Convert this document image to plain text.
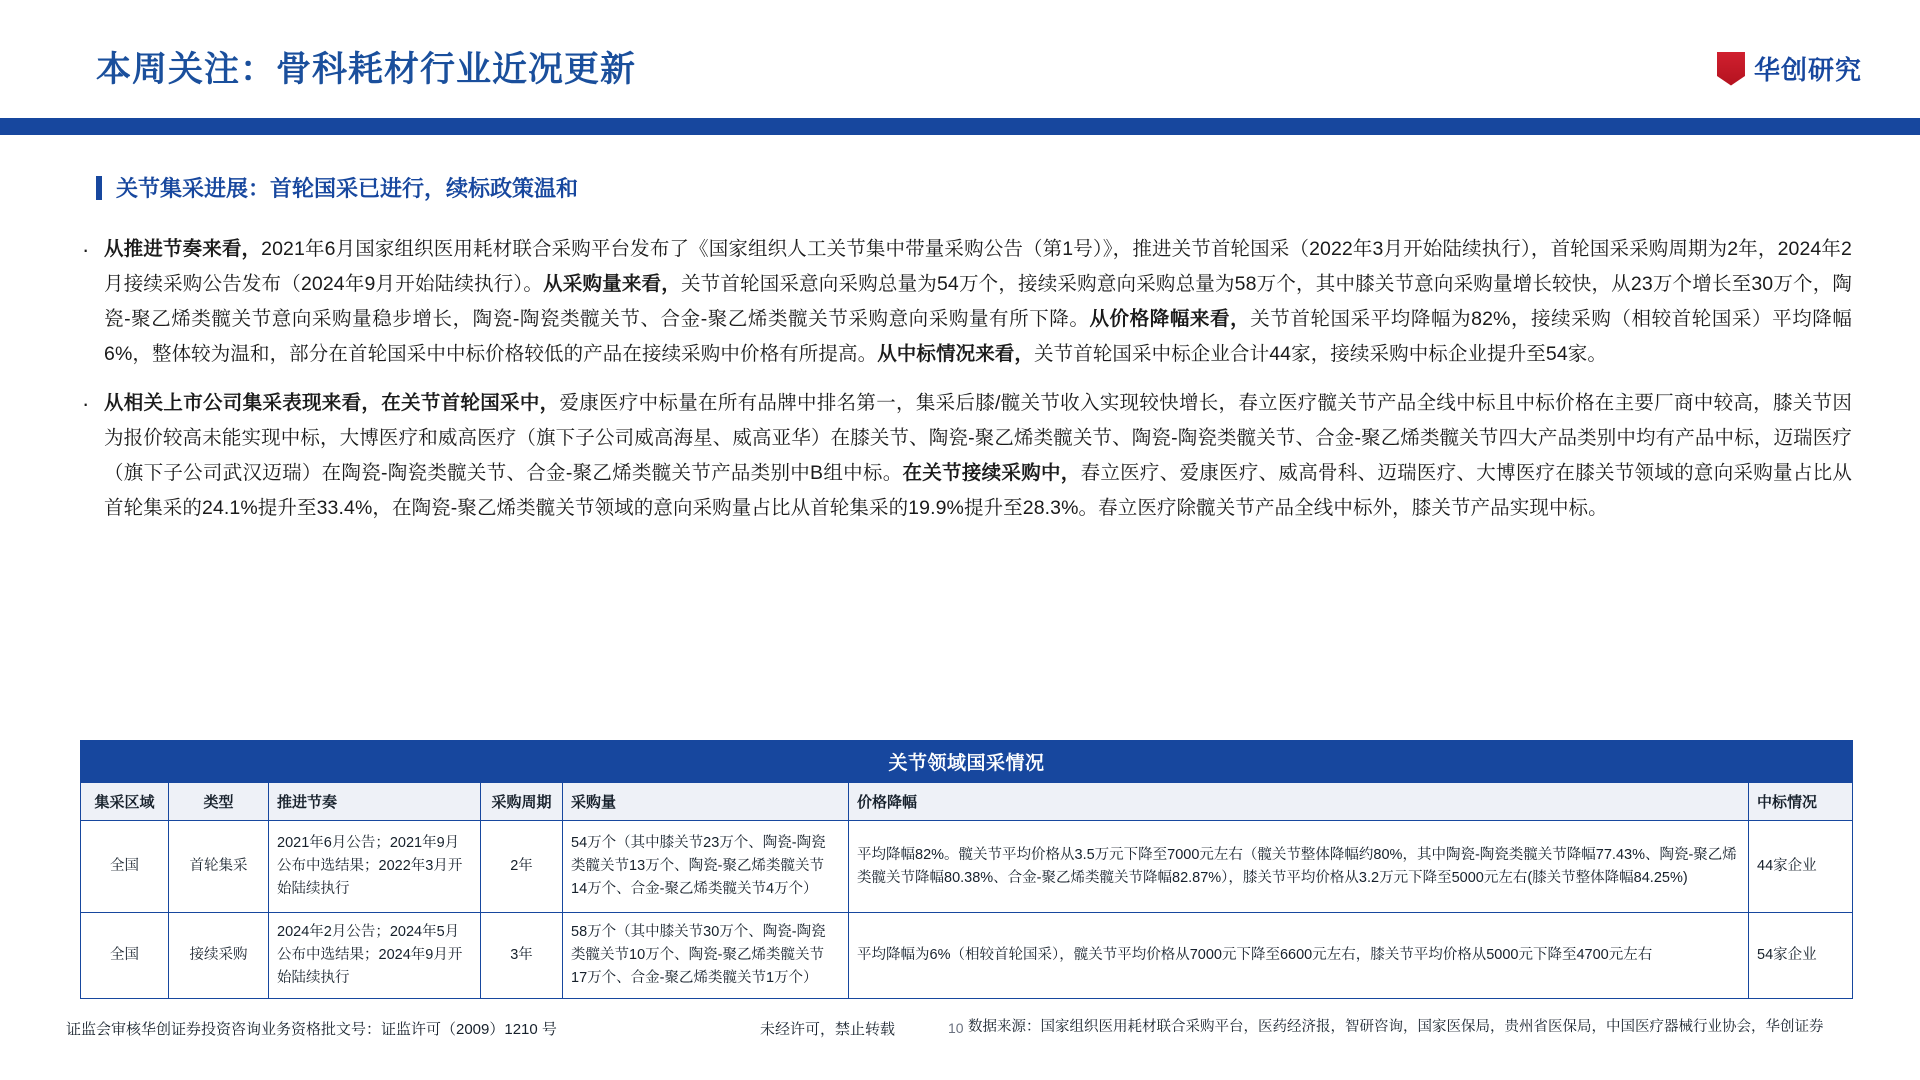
本周关注：骨科耗材行业近况更新	华创研究
关节集采进展：首轮国采已进行，续标政策温和
· 从推进节奏来看，2021年6月国家组织医用耗材联合采购平台发布了《国家组织人工关节集中带量采购公告（第1号）》，推进关节首轮国采（2022年3月开始陆续执行），首轮国采采购周期为2年，2024年2月接续采购公告发布（2024年9月开始陆续执行）。从采购量来看，关节首轮国采意向采购总量为54万个，接续采购意向采购总量为58万个，其中膝关节意向采购量增长较快，从23万个增长至30万个，陶瓷-聚乙烯类髋关节意向采购量稳步增长，陶瓷-陶瓷类髋关节、合金-聚乙烯类髋关节采购意向采购量有所下降。从价格降幅来看，关节首轮国采平均降幅为82%，接续采购（相较首轮国采）平均降幅6%，整体较为温和，部分在首轮国采中中标价格较低的产品在接续采购中价格有所提高。从中标情况来看，关节首轮国采中标企业合计44家，接续采购中标企业提升至54家。
· 从相关上市公司集采表现来看，在关节首轮国采中，爱康医疗中标量在所有品牌中排名第一，集采后膝/髋关节收入实现较快增长，春立医疗髋关节产品全线中标且中标价格在主要厂商中较高，膝关节因为报价较高未能实现中标，大博医疗和威高医疗（旗下子公司威高海星、威高亚华）在膝关节、陶瓷-聚乙烯类髋关节、陶瓷-陶瓷类髋关节、合金-聚乙烯类髋关节四大产品类别中均有产品中标，迈瑞医疗（旗下子公司武汉迈瑞）在陶瓷-陶瓷类髋关节、合金-聚乙烯类髋关节产品类别中B组中标。在关节接续采购中，春立医疗、爱康医疗、威高骨科、迈瑞医疗、大博医疗在膝关节领域的意向采购量占比从首轮集采的24.1%提升至33.4%，在陶瓷-聚乙烯类髋关节领域的意向采购量占比从首轮集采的19.9%提升至28.3%。春立医疗除髋关节产品全线中标外，膝关节产品实现中标。
关节领域国采情况						
集采区域	类型	推进节奏	采购周期	采购量	价格降幅	中标情况
全国	首轮集采	2021年6月公告；2021年9月公布中选结果；2022年3月开始陆续执行	2年	54万个（其中膝关节23万个、陶瓷-陶瓷类髋关节13万个、陶瓷-聚乙烯类髋关节14万个、合金-聚乙烯类髋关节4万个）	平均降幅82%。髋关节平均价格从3.5万元下降至7000元左右（髋关节整体降幅约80%，其中陶瓷-陶瓷类髋关节降幅77.43%、陶瓷-聚乙烯类髋关节降幅80.38%、合金-聚乙烯类髋关节降幅82.87%），膝关节平均价格从3.2万元下降至5000元左右(膝关节整体降幅84.25%)	44家企业
全国	接续采购	2024年2月公告；2024年5月公布中选结果；2024年9月开始陆续执行	3年	58万个（其中膝关节30万个、陶瓷-陶瓷类髋关节10万个、陶瓷-聚乙烯类髋关节17万个、合金-聚乙烯类髋关节1万个）	平均降幅为6%（相较首轮国采），髋关节平均价格从7000元下降至6600元左右，膝关节平均价格从5000元下降至4700元左右	54家企业
证监会审核华创证券投资咨询业务资格批文号：证监许可（2009）1210 号	未经许可，禁止转载	10 数据来源：国家组织医用耗材联合采购平台，医药经济报，智研咨询，国家医保局，贵州省医保局，中国医疗器械行业协会，华创证券
